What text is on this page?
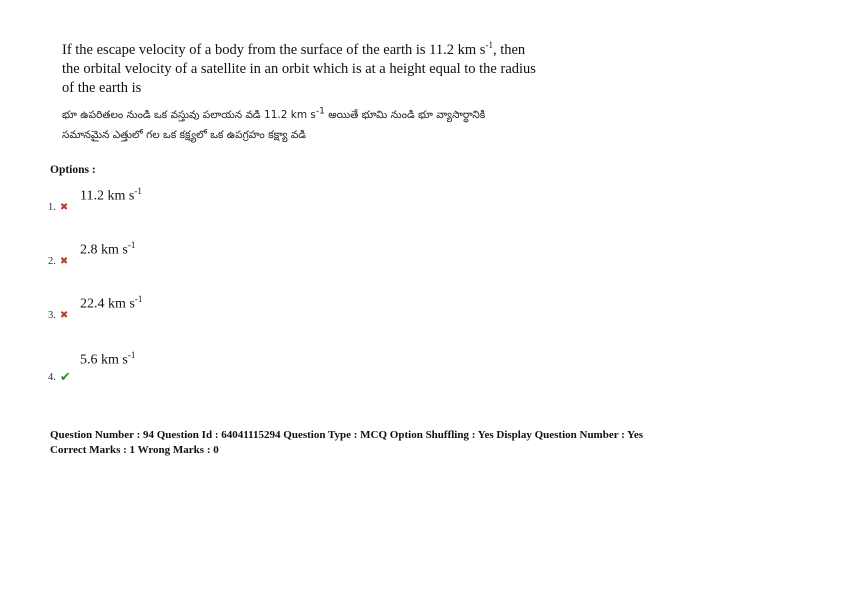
If the escape velocity of a body from the surface of the earth is 11.2 km $s^{-1}$, then
the orbital velocity of a satellite in an orbit which is at a height equal to the radius
of the earth is

భూ ఉపరితలం నుండి ఒక వస్తువు పలాయన వడి 11.2 km $s^{-1}$ అయితే భూమి నుండి భూ వ్యాసార్థానికి
సమానమైన ఎత్తులో గల ఒక కక్ష్యలో ఒక ఉపగ్రహం కక్ష్యా వడి

Options :
11.2 km $s^{-1}$
1. ✖
2.8 km $s^{-1}$
2. ✖
22.4 km $s^{-1}$
3. ✖
5.6 km $s^{-1}$
4. ✔
Question Number : 94 Question Id : 64041115294 Question Type : MCQ Option Shuffling : Yes Display Question Number : Yes
Correct Marks : 1 Wrong Marks : 0
